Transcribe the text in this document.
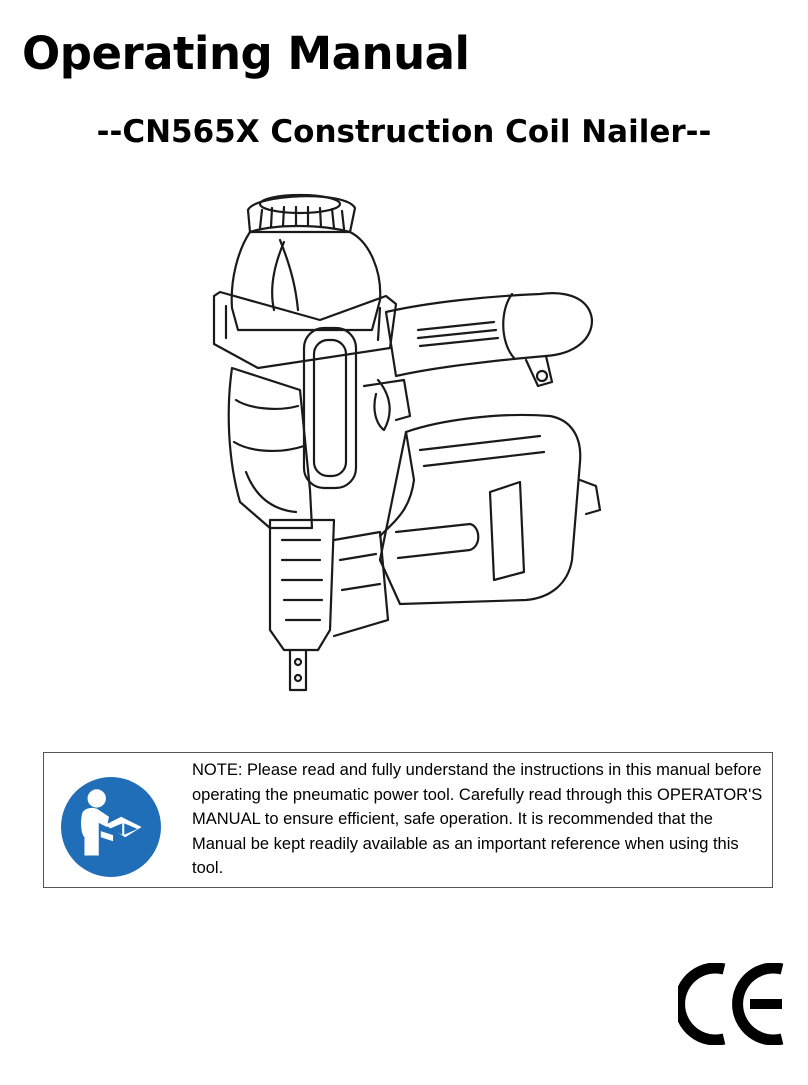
Operating Manual
--CN565X Construction Coil Nailer--

NOTE: Please read and fully understand the instructions in this manual before operating the pneumatic power tool. Carefully read through this OPERATOR'S MANUAL to ensure efficient, safe operation. It is recommended that the Manual be kept readily available as an important reference when using this tool.
